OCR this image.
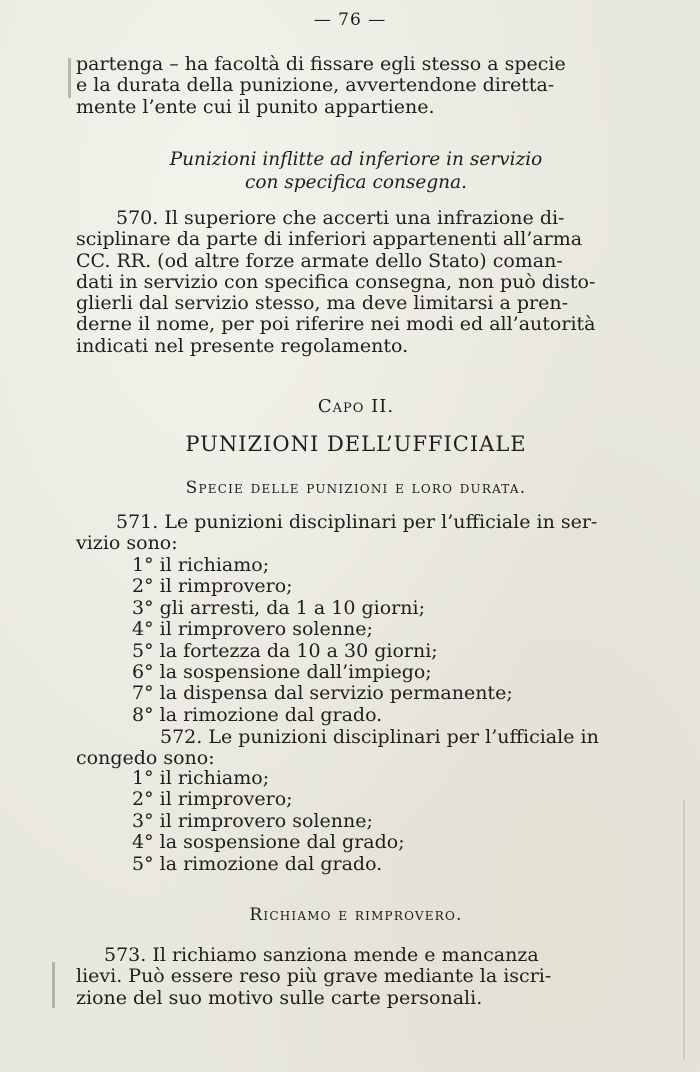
— 76 —

partenga – ha facoltà di fissare egli stesso a specie

e la durata della punizione, avvertendone diretta-

mente l’ente cui il punito appartiene.

Punizioni inflitte ad inferiore in servizio
con specifica consegna.

570. Il superiore che accerti una infrazione di-

sciplinare da parte di inferiori appartenenti all’arma

CC. RR. (od altre forze armate dello Stato) coman-

dati in servizio con specifica consegna, non può disto-

glierli dal servizio stesso, ma deve limitarsi a pren-

derne il nome, per poi riferire nei modi ed all’autorità

indicati nel presente regolamento.

Capo II.
PUNIZIONI DELL’UFFICIALE
Specie delle punizioni e loro durata.

571. Le punizioni disciplinari per l’ufficiale in ser-

vizio sono:

1° il richiamo;
2° il rimprovero;
3° gli arresti, da 1 a 10 giorni;
4° il rimprovero solenne;
5° la fortezza da 10 a 30 giorni;
6° la sospensione dall’impiego;
7° la dispensa dal servizio permanente;
8° la rimozione dal grado.

572. Le punizioni disciplinari per l’ufficiale in

congedo sono:

1° il richiamo;
2° il rimprovero;
3° il rimprovero solenne;
4° la sospensione dal grado;
5° la rimozione dal grado.
Richiamo e rimprovero.

573. Il richiamo sanziona mende e mancanza

lievi. Può essere reso più grave mediante la iscri-

zione del suo motivo sulle carte personali.
